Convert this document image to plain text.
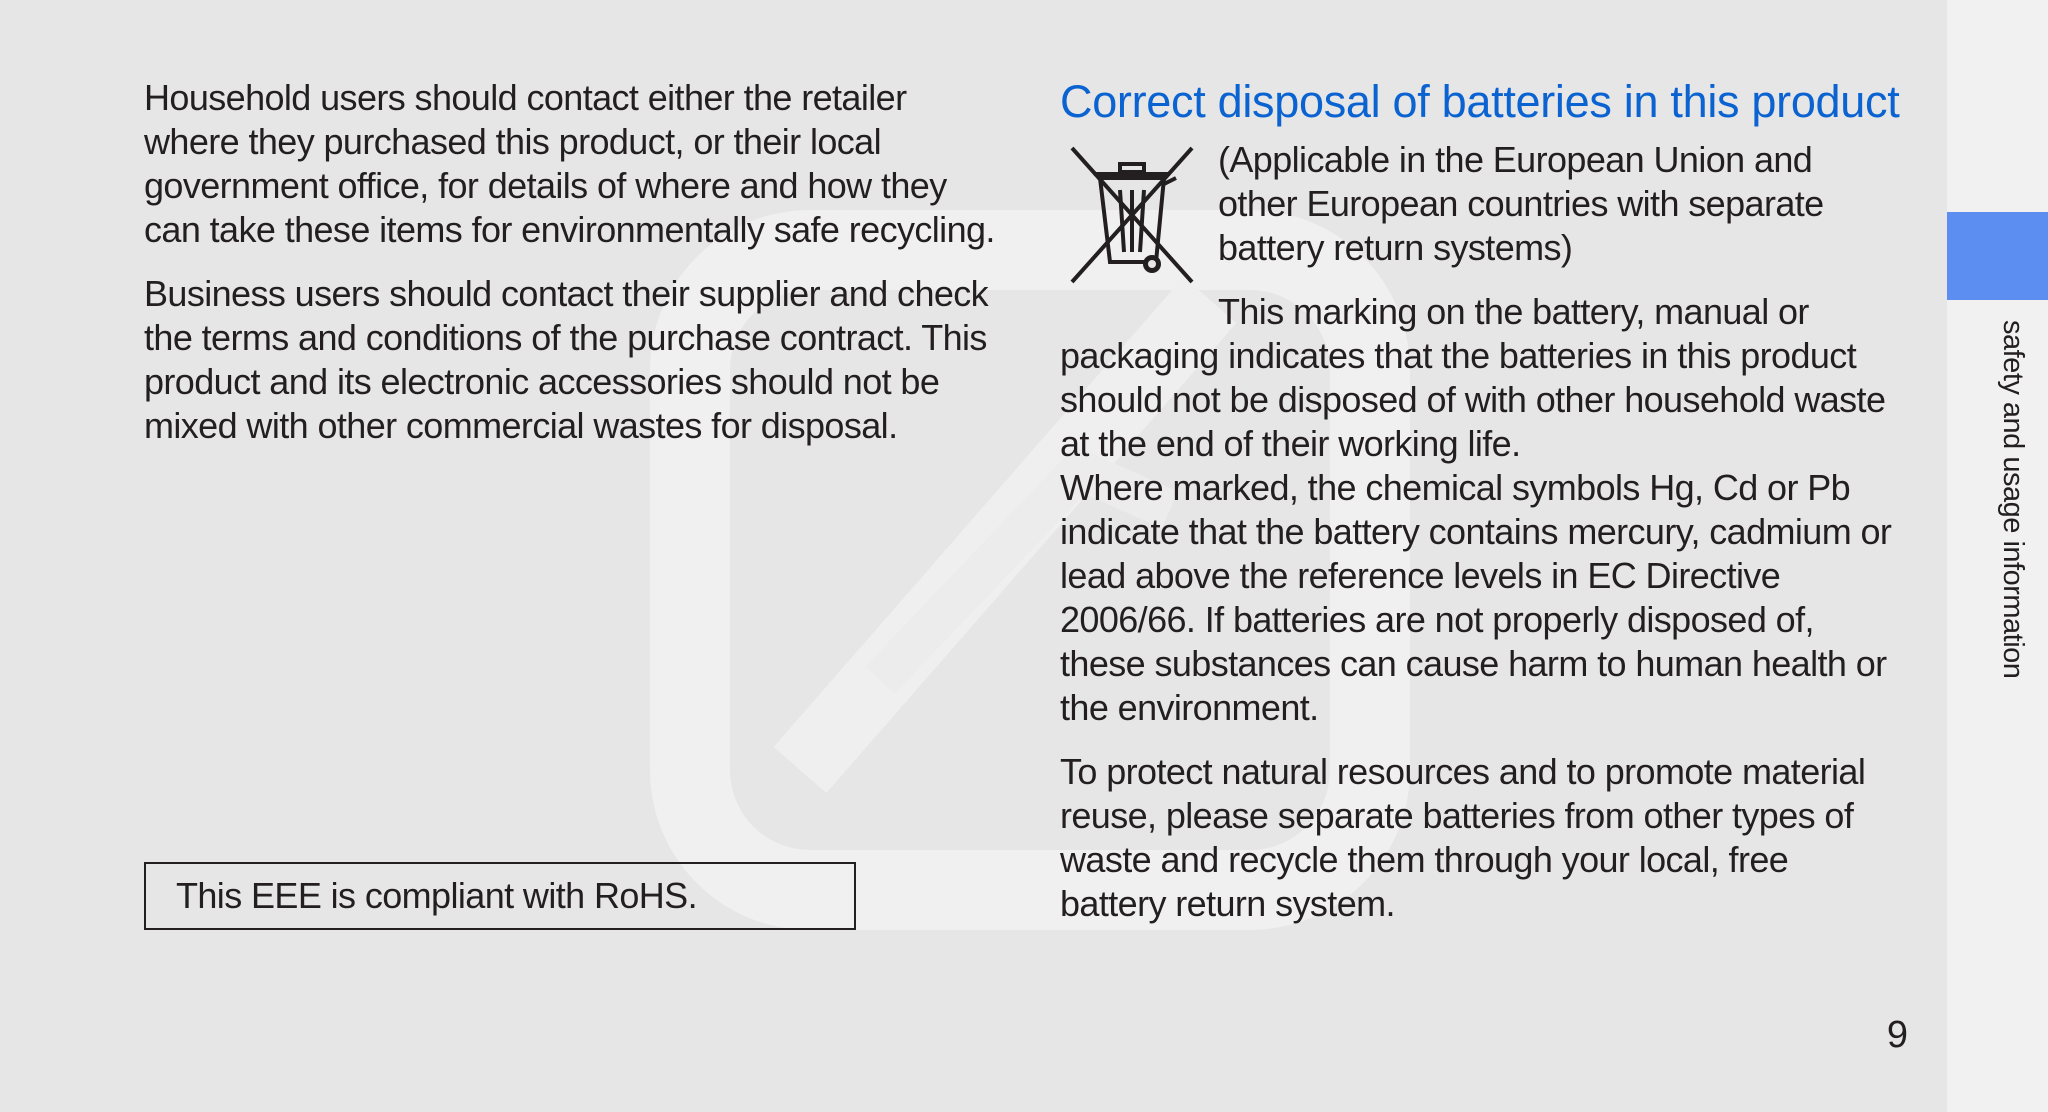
safety and usage information

Household users should contact either the retailer where they purchased this product, or their local government office, for details of where and how they can take these items for environmentally safe recycling.

Business users should contact their supplier and check the terms and conditions of the purchase contract. This product and its electronic accessories should not be mixed with other commercial wastes for disposal.

This EEE is compliant with RoHS.
Correct disposal of batteries in this product

(Applicable in the European Union and other European countries with separate battery return systems)

This marking on the battery, manual or packaging indicates that the batteries in this product should not be disposed of with other household waste at the end of their working life.

Where marked, the chemical symbols Hg, Cd or Pb indicate that the battery contains mercury, cadmium or lead above the reference levels in EC Directive 2006/66. If batteries are not properly disposed of, these substances can cause harm to human health or the environment.

To protect natural resources and to promote material reuse, please separate batteries from other types of waste and recycle them through your local, free battery return system.

9
